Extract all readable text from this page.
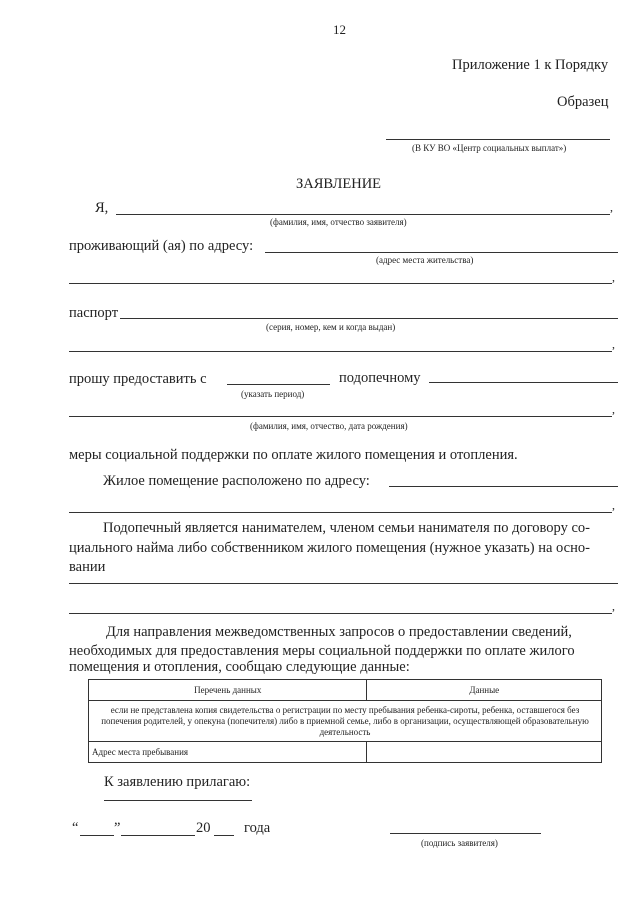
12
Приложение 1 к Порядку
Образец
(В КУ ВО «Центр социальных выплат»)
ЗАЯВЛЕНИЕ
Я,	,
(фамилия, имя, отчество заявителя)
проживающий (ая) по адресу:
(адрес места жительства)
,
паспорт
(серия, номер, кем и когда выдан)
,
прошу предоставить с	подопечному
(указать период)
,
(фамилия, имя, отчество, дата рождения)
меры социальной поддержки по оплате жилого помещения и отопления.
Жилое помещение расположено по адресу:
,
Подопечный является нанимателем, членом семьи нанимателя по договору со-
циального найма либо собственником жилого помещения (нужное указать) на осно-
вании
,
Для направления межведомственных запросов о предоставлении сведений,
необходимых для предоставления меры социальной поддержки по оплате жилого
помещения и отопления, сообщаю следующие данные:
Перечень данных	Данные
если не представлена копия свидетельства о регистрации по месту пребывания ребенка-сироты, ребенка, оставшегося без попечения родителей, у опекуна (попечителя) либо в приемной семье, либо в организации, осуществляющей образовательную деятельность	
Адрес места пребывания	
К заявлению прилагаю:
“ ”	20 года
(подпись заявителя)
